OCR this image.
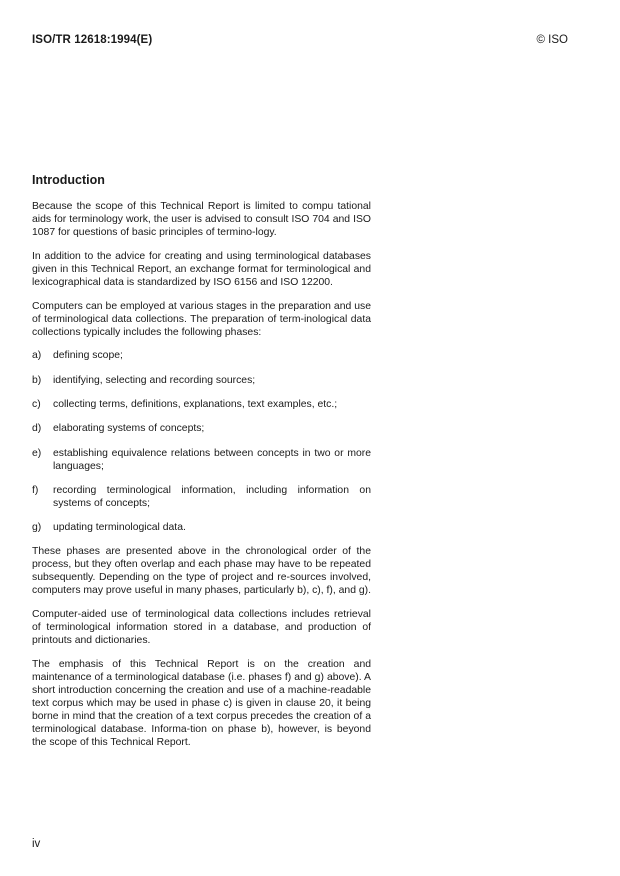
ISO/TR 12618:1994(E)	© ISO
Introduction

Because the scope of this Technical Report is limited to compu tational aids for terminology work, the user is advised to consult ISO 704 and ISO 1087 for questions of basic principles of termino-logy.

In addition to the advice for creating and using terminological databases given in this Technical Report, an exchange format for terminological and lexicographical data is standardized by ISO 6156 and ISO 12200.

Computers can be employed at various stages in the preparation and use of terminological data collections. The preparation of term-inological data collections typically includes the following phases:

a)	defining scope;
b)	identifying, selecting and recording sources;
c)	collecting terms, definitions, explanations, text examples, etc.;
d)	elaborating systems of concepts;
e)	establishing equivalence relations between concepts in two or more languages;
f)	recording terminological information, including information on systems of concepts;
g)	updating terminological data.

These phases are presented above in the chronological order of the process, but they often overlap and each phase may have to be repeated subsequently. Depending on the type of project and re-sources involved, computers may prove useful in many phases, particularly b), c), f), and g).

Computer-aided use of terminological data collections includes retrieval of terminological information stored in a database, and production of printouts and dictionaries.

The emphasis of this Technical Report is on the creation and maintenance of a terminological database (i.e. phases f) and g) above). A short introduction concerning the creation and use of a machine-readable text corpus which may be used in phase c) is given in clause 20, it being borne in mind that the creation of a text corpus precedes the creation of a terminological database. Informa-tion on phase b), however, is beyond the scope of this Technical Report.

iv
